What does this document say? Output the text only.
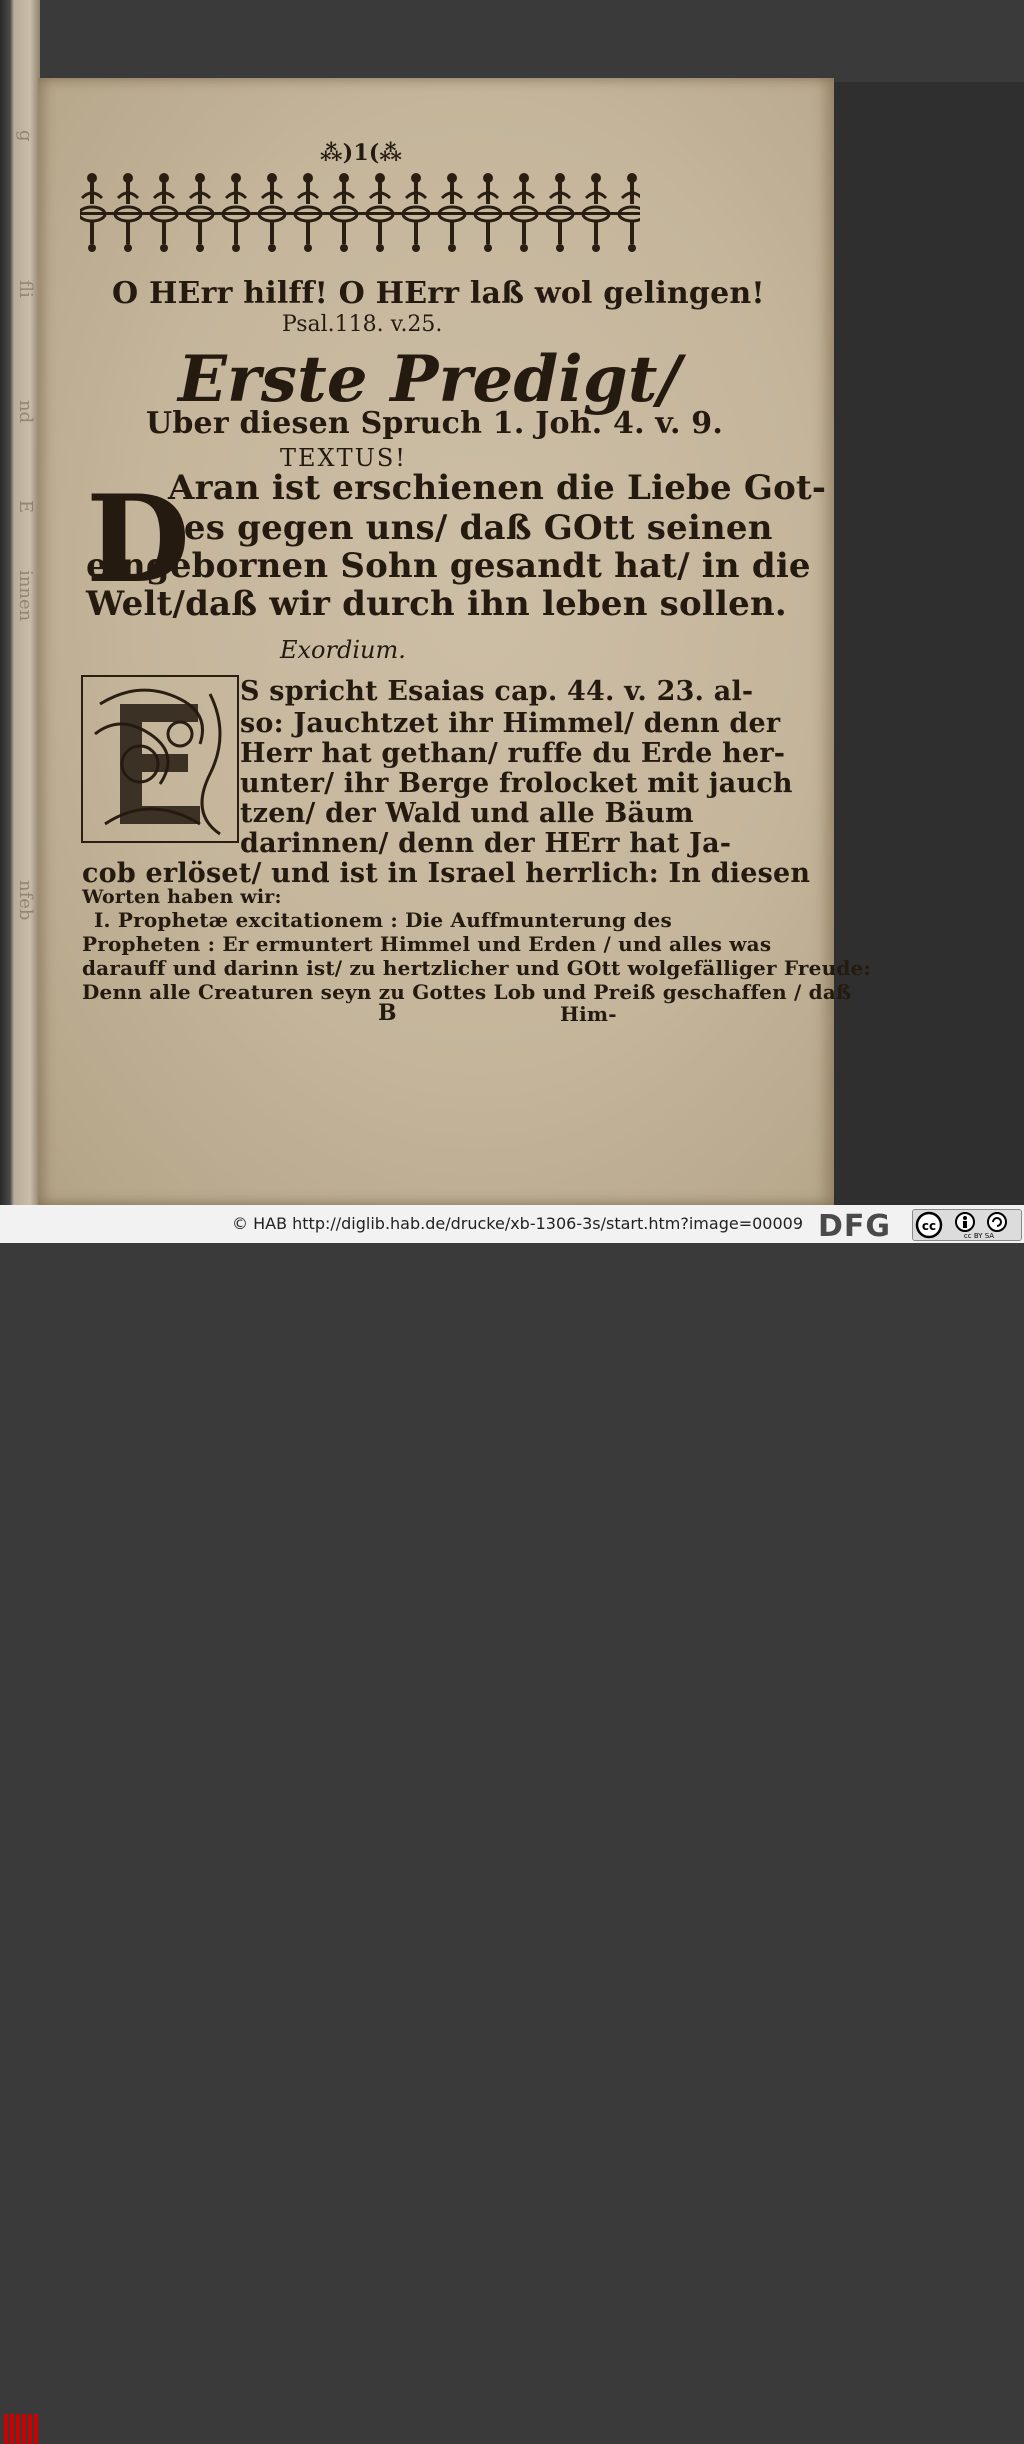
g
fli
nd
E
innen
nfeb
⁂)1(⁂
O HErr hilff! O HErr laß wol gelingen!
Psal.118. v.25.
Erste Predigt/
Uber diesen Spruch 1. Joh. 4. v. 9.
TEXTUS!
D
Aran ist erschienen die Liebe Got-
tes gegen uns/ daß GOtt seinen
eingebornen Sohn gesandt hat/ in die
Welt/daß wir durch ihn leben sollen.
Exordium.
S spricht Esaias cap. 44. v. 23. al-
so: Jauchtzet ihr Himmel/ denn der
Herr hat gethan/ ruffe du Erde her-
unter/ ihr Berge frolocket mit jauch
tzen/ der Wald und alle Bäum
darinnen/ denn der HErr hat Ja-
cob erlöset/ und ist in Israel herrlich: In diesen
Worten haben wir:
I. Prophetæ excitationem : Die Auffmunterung des
Propheten : Er ermuntert Himmel und Erden / und alles was
darauff und darinn ist/ zu hertzlicher und GOtt wolgefälliger Freude:
Denn alle Creaturen seyn zu Gottes Lob und Preiß geschaffen / daß
B	Him-
© HAB http://diglib.hab.de/drucke/xb-1306-3s/start.htm?image=00009 DFG	cc
cc BY SA
